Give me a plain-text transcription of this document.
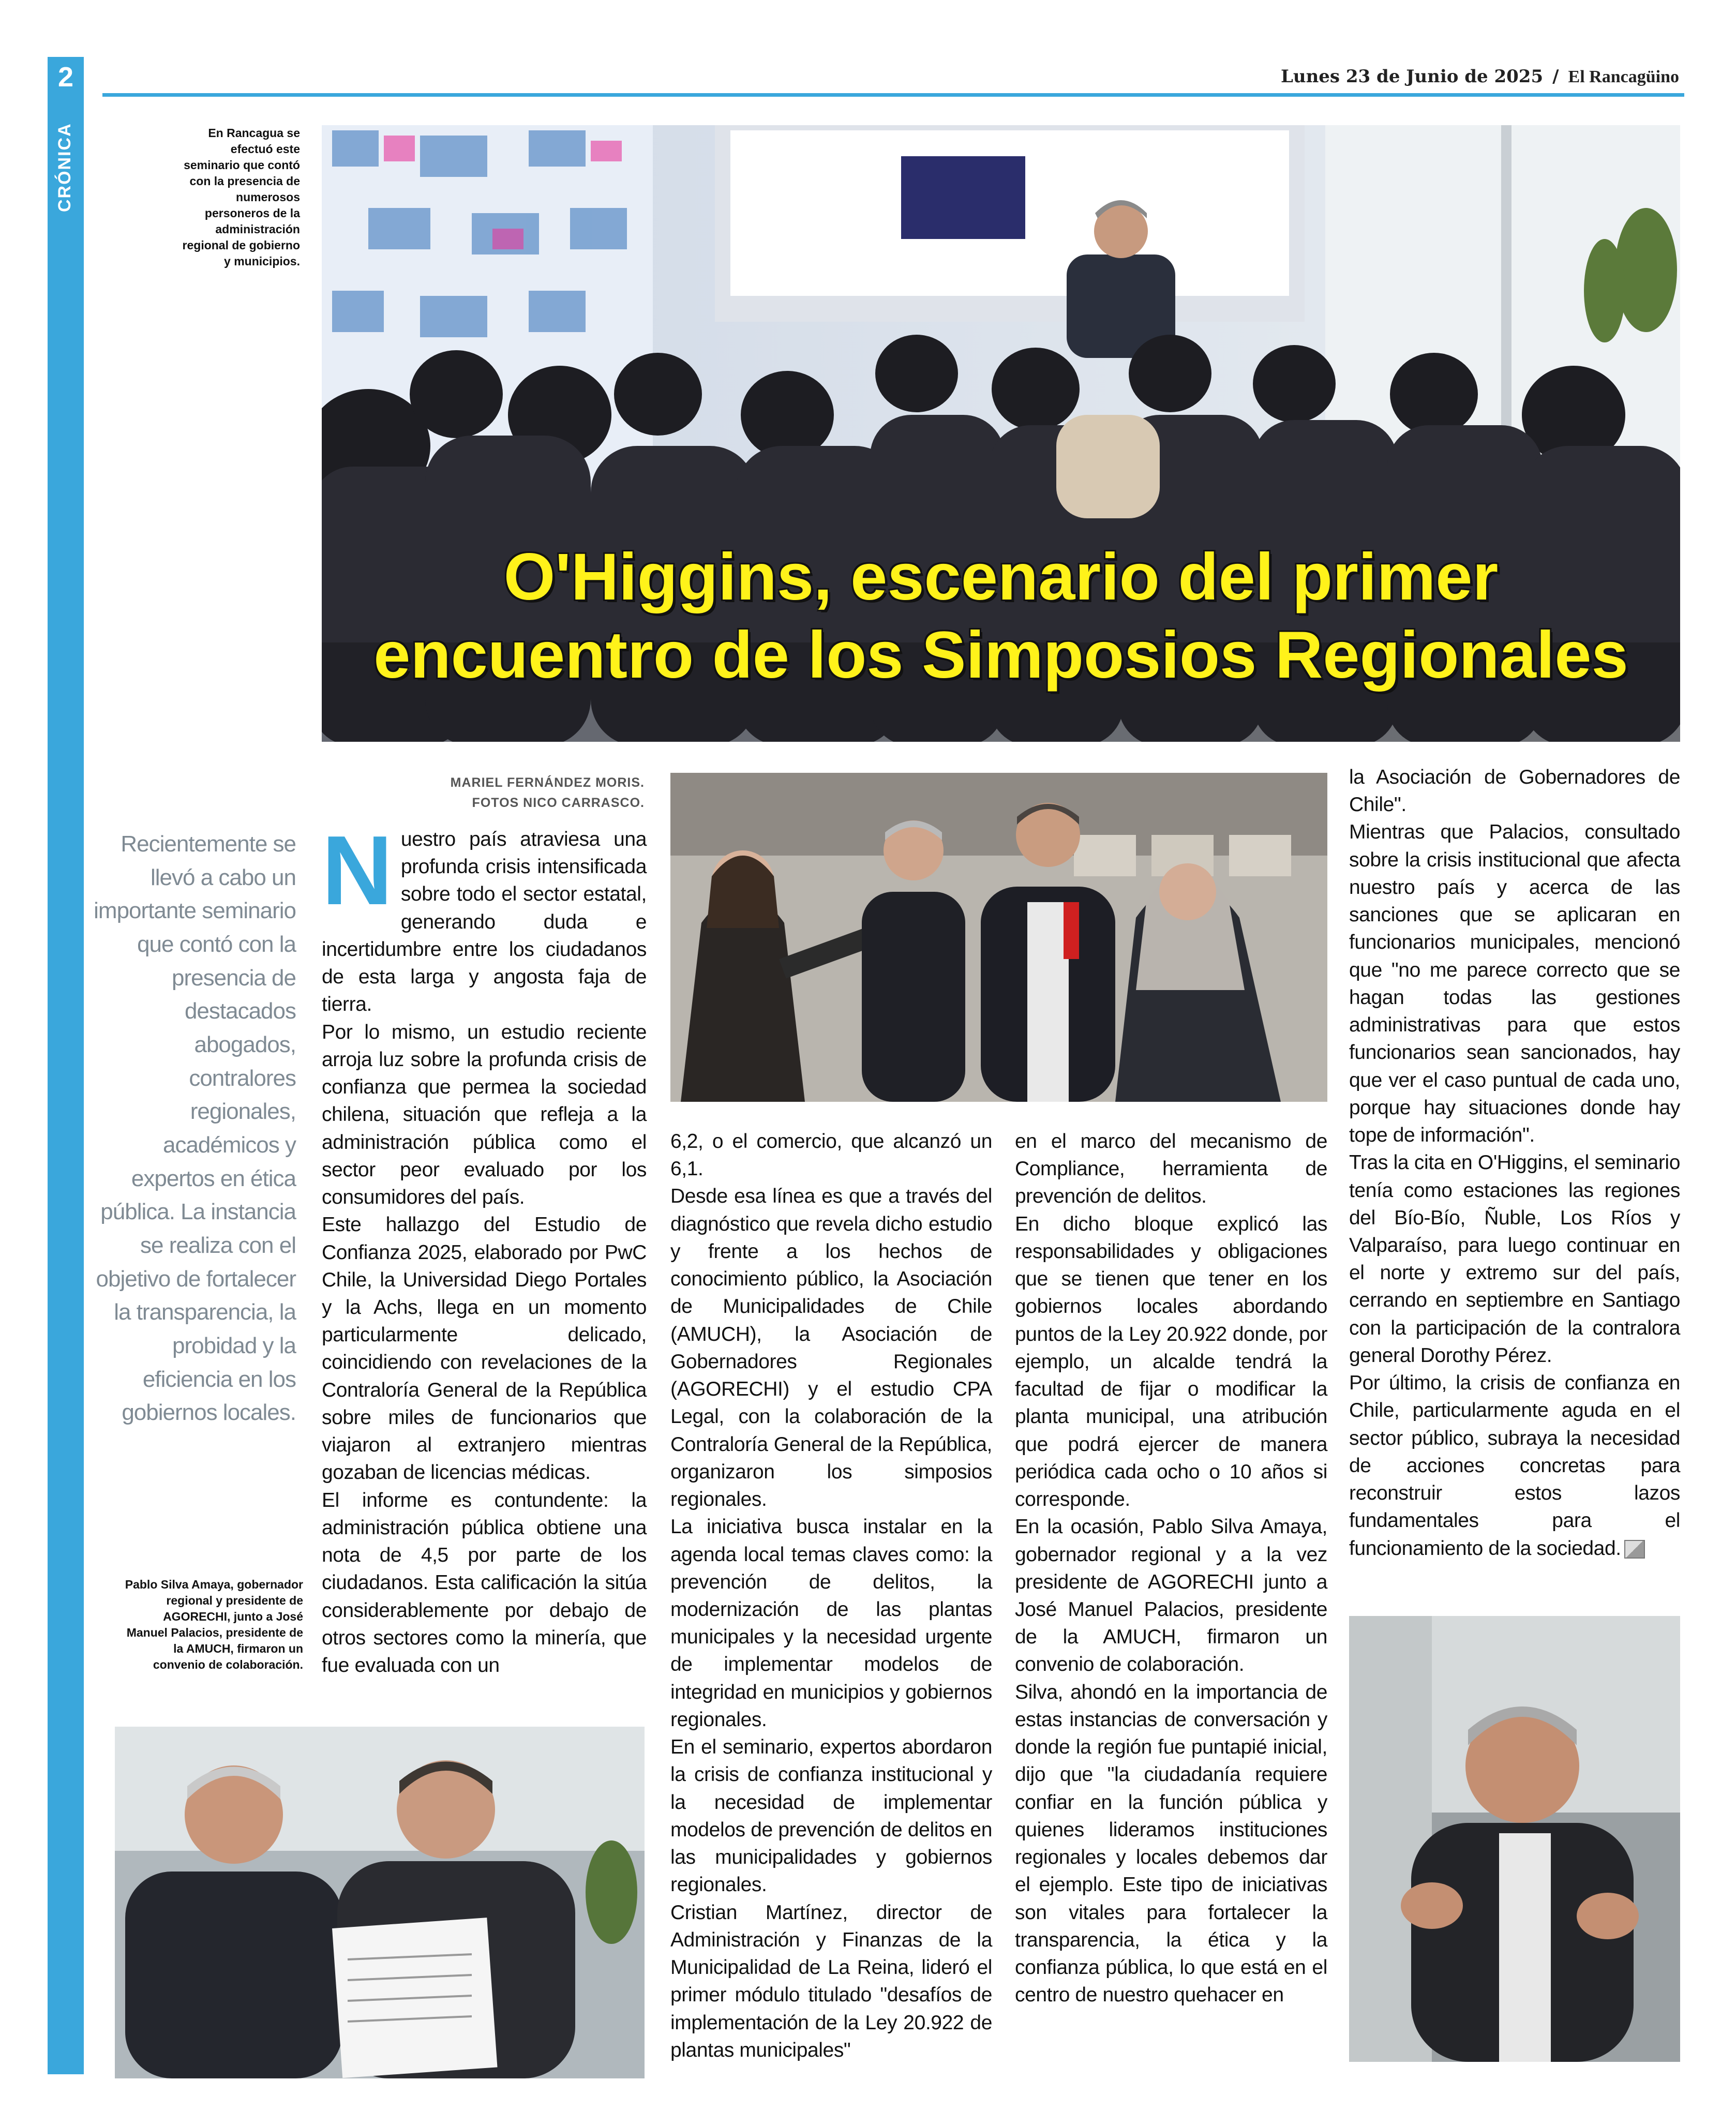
2
CRÓNICA
Lunes 23 de Junio de 2025 / El Rancagüino
En Rancagua se efectuó este seminario que contó con la presencia de numerosos personeros de la administración regional de gobierno y municipios.
O'Higgins, escenario del primer
encuentro de los Simposios Regionales
Recientemente se llevó a cabo un importante seminario que contó con la presencia de destacados abogados, contralores regionales, académicos y expertos en ética pública. La instancia se realiza con el objetivo de fortalecer la transparencia, la probidad y la eficiencia en los gobiernos locales.
MARIEL FERNÁNDEZ MORIS.
FOTOS NICO CARRASCO.

Nuestro país atraviesa una profunda crisis intensificada sobre todo el sector estatal, generando duda e incertidumbre entre los ciudadanos de esta larga y angosta faja de tierra.

Por lo mismo, un estudio reciente arroja luz sobre la profunda crisis de confianza que permea la sociedad chilena, situación que refleja a la administración pública como el sector peor evaluado por los consumidores del país.

Este hallazgo del Estudio de Confianza 2025, elaborado por PwC Chile, la Universidad Diego Portales y la Achs, llega en un momento particularmente delicado, coincidiendo con revelaciones de la Contraloría General de la República sobre miles de funcionarios que viajaron al extranjero mientras gozaban de licencias médicas.

El informe es contundente: la administración pública obtiene una nota de 4,5 por parte de los ciudadanos. Esta calificación la sitúa considerablemente por debajo de otros sectores como la minería, que fue evaluada con un

6,2, o el comercio, que alcanzó un 6,1.

Desde esa línea es que a través del diagnóstico que revela dicho estudio y frente a los hechos de conocimiento público, la Asociación de Municipalidades de Chile (AMUCH), la Asociación de Gobernadores Regionales (AGORECHI) y el estudio CPA Legal, con la colaboración de la Contraloría General de la República, organizaron los simposios regionales.

La iniciativa busca instalar en la agenda local temas claves como: la prevención de delitos, la modernización de las plantas municipales y la necesidad urgente de implementar modelos de integridad en municipios y gobiernos regionales.

En el seminario, expertos abordaron la crisis de confianza institucional y la necesidad de implementar modelos de prevención de delitos en las municipalidades y gobiernos regionales.

Cristian Martínez, director de Administración y Finanzas de la Municipalidad de La Reina, lideró el primer módulo titulado "desafíos de implementación de la Ley 20.922 de plantas municipales"

en el marco del mecanismo de Compliance, herramienta de prevención de delitos.

En dicho bloque explicó las responsabilidades y obligaciones que se tienen que tener en los gobiernos locales abordando puntos de la Ley 20.922 donde, por ejemplo, un alcalde tendrá la facultad de fijar o modificar la planta municipal, una atribución que podrá ejercer de manera periódica cada ocho o 10 años si corresponde.

En la ocasión, Pablo Silva Amaya, gobernador regional y a la vez presidente de AGORECHI junto a José Manuel Palacios, presidente de la AMUCH, firmaron un convenio de colaboración.

Silva, ahondó en la importancia de estas instancias de conversación y donde la región fue puntapié inicial, dijo que "la ciudadanía requiere confiar en la función pública y quienes lideramos instituciones regionales y locales debemos dar el ejemplo. Este tipo de iniciativas son vitales para fortalecer la transparencia, la ética y la confianza pública, lo que está en el centro de nuestro quehacer en

la Asociación de Gobernadores de Chile".

Mientras que Palacios, consultado sobre la crisis institucional que afecta nuestro país y acerca de las sanciones que se aplicaran en funcionarios municipales, mencionó que "no me parece correcto que se hagan todas las gestiones administrativas para que estos funcionarios sean sancionados, hay que ver el caso puntual de cada uno, porque hay situaciones donde hay tope de información".

Tras la cita en O'Higgins, el seminario tenía como estaciones las regiones del Bío-Bío, Ñuble, Los Ríos y Valparaíso, para luego continuar en el norte y extremo sur del país, cerrando en septiembre en Santiago con la participación de la contralora general Dorothy Pérez.

Por último, la crisis de confianza en Chile, particularmente aguda en el sector público, subraya la necesidad de acciones concretas para reconstruir estos lazos fundamentales para el funcionamiento de la sociedad.

Pablo Silva Amaya, gobernador regional y presidente de AGORECHI, junto a José Manuel Palacios, presidente de la AMUCH, firmaron un convenio de colaboración.
